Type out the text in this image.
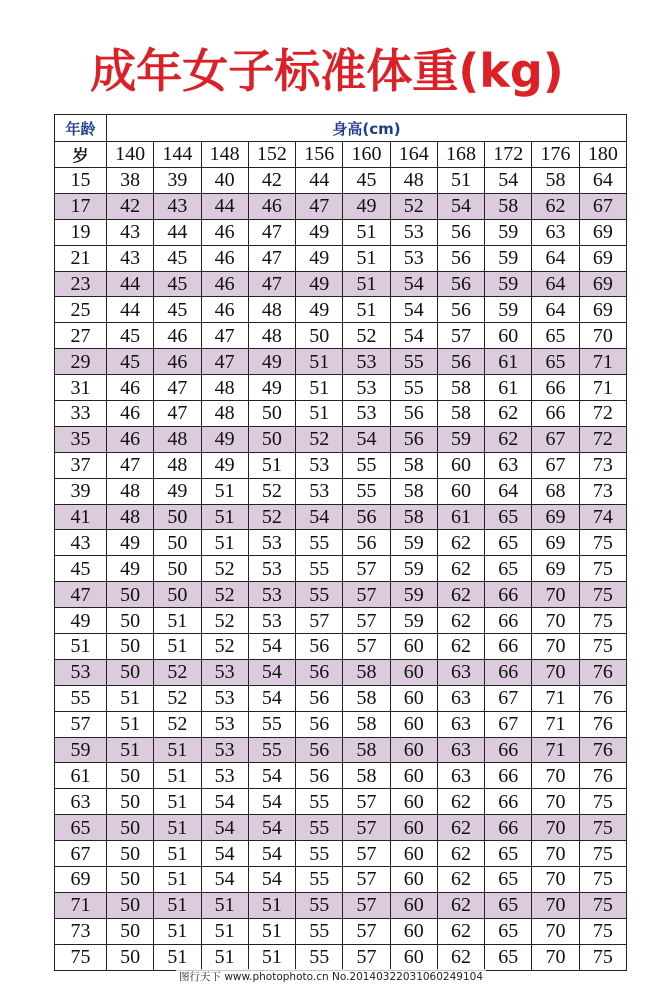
成年女子标准体重(kg)
年龄	身高(cm)										
岁	140	144	148	152	156	160	164	168	172	176	180
15	38	39	40	42	44	45	48	51	54	58	64
17	42	43	44	46	47	49	52	54	58	62	67
19	43	44	46	47	49	51	53	56	59	63	69
21	43	45	46	47	49	51	53	56	59	64	69
23	44	45	46	47	49	51	54	56	59	64	69
25	44	45	46	48	49	51	54	56	59	64	69
27	45	46	47	48	50	52	54	57	60	65	70
29	45	46	47	49	51	53	55	56	61	65	71
31	46	47	48	49	51	53	55	58	61	66	71
33	46	47	48	50	51	53	56	58	62	66	72
35	46	48	49	50	52	54	56	59	62	67	72
37	47	48	49	51	53	55	58	60	63	67	73
39	48	49	51	52	53	55	58	60	64	68	73
41	48	50	51	52	54	56	58	61	65	69	74
43	49	50	51	53	55	56	59	62	65	69	75
45	49	50	52	53	55	57	59	62	65	69	75
47	50	50	52	53	55	57	59	62	66	70	75
49	50	51	52	53	57	57	59	62	66	70	75
51	50	51	52	54	56	57	60	62	66	70	75
53	50	52	53	54	56	58	60	63	66	70	76
55	51	52	53	54	56	58	60	63	67	71	76
57	51	52	53	55	56	58	60	63	67	71	76
59	51	51	53	55	56	58	60	63	66	71	76
61	50	51	53	54	56	58	60	63	66	70	76
63	50	51	54	54	55	57	60	62	66	70	75
65	50	51	54	54	55	57	60	62	66	70	75
67	50	51	54	54	55	57	60	62	65	70	75
69	50	51	54	54	55	57	60	62	65	70	75
71	50	51	51	51	55	57	60	62	65	70	75
73	50	51	51	51	55	57	60	62	65	70	75
75	50	51	51	51	55	57	60	62	65	70	75
图行天下 www.photophoto.cn No.20140322031060249104
